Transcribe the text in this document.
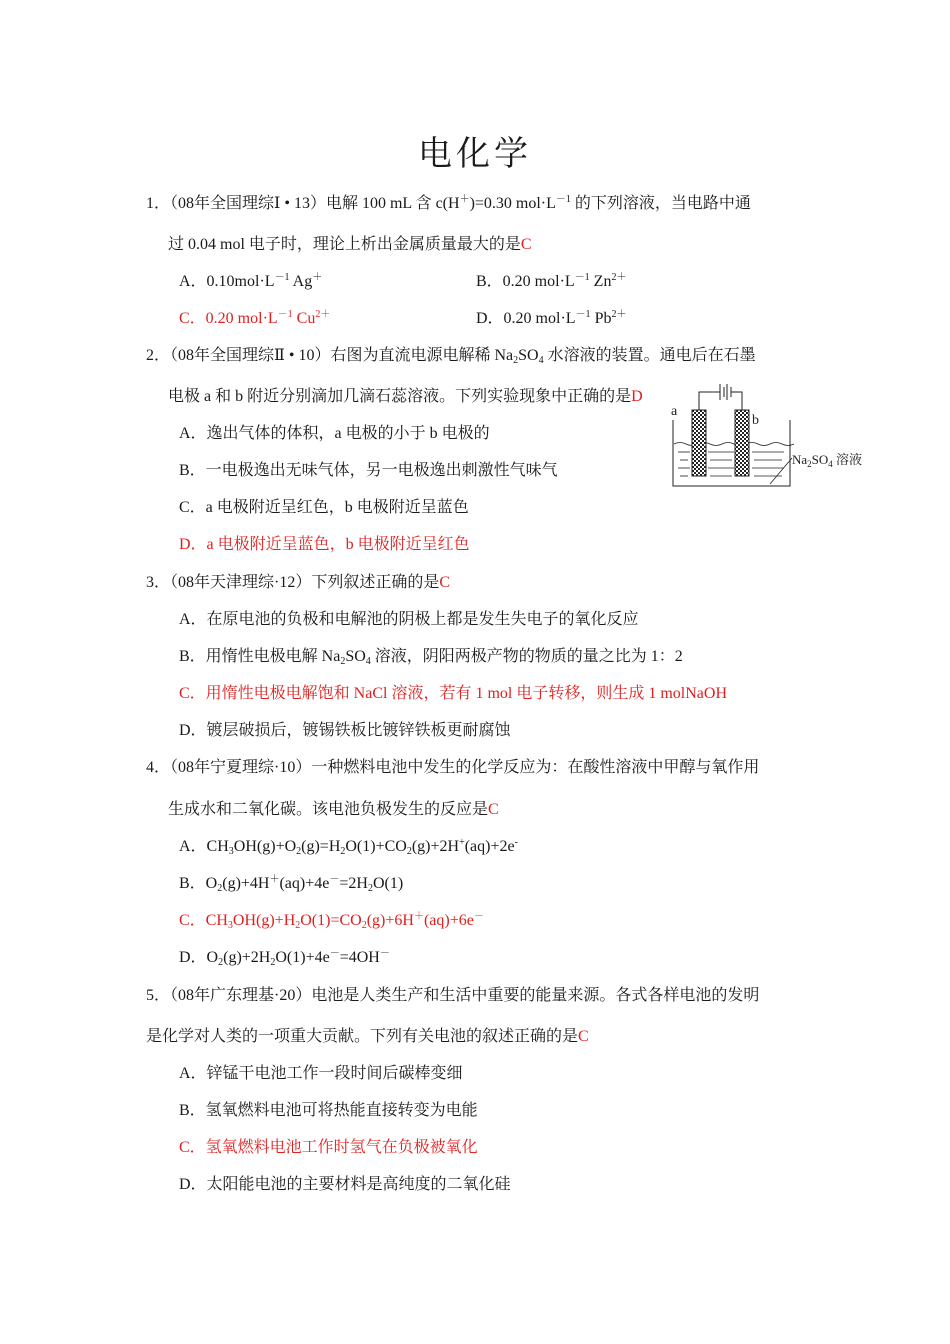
电化学
1．（08年全国理综Ⅰ • 13）电解 100 mL 含 c(H＋)=0.30 $mol\cdot L^{-1}$ 的下列溶液，当电路中通
过 0.04 mol 电子时，理论上析出金属质量最大的是C
A．$0.10mol\cdot L^{-1}$ Ag＋	B．0.20 $mol\cdot L^{-1}$ $Zn^{2+}$
C．0.20 $mol\cdot L^{-1}$ $Cu^{2+}$	D．0.20 $mol\cdot L^{-1}$ $Pb^{2+}$
2．（08年全国理综Ⅱ • 10）右图为直流电源电解稀 $Na_2SO_4$ 水溶液的装置。通电后在石墨
电极 a 和 b 附近分别滴加几滴石蕊溶液。下列实验现象中正确的是D
A．逸出气体的体积，a 电极的小于 b 电极的
B．一电极逸出无味气体，另一电极逸出刺激性气味气
C．a 电极附近呈红色，b 电极附近呈蓝色
D．a 电极附近呈蓝色，b 电极附近呈红色
a
b
$Na_2SO_4$ 溶液
3．（08年天津理综·12）下列叙述正确的是C
A．在原电池的负极和电解池的阴极上都是发生失电子的氧化反应
B．用惰性电极电解 $Na_2SO_4$ 溶液，阴阳两极产物的物质的量之比为 1：2
C．用惰性电极电解饱和 NaCl 溶液，若有 1 mol 电子转移，则生成 1 molNaOH
D．镀层破损后，镀锡铁板比镀锌铁板更耐腐蚀
4．（08年宁夏理综·10）一种燃料电池中发生的化学反应为：在酸性溶液中甲醇与氧作用
生成水和二氧化碳。该电池负极发生的反应是C
A．$CH_3OH(g)+O_2(g)=H_2O(1)+CO_2(g)+2H^+(aq)+2e^-$
B．$O_2(g)+4H^+(aq)+4e^-=2H_2O(1)$
C．$CH_3OH(g)+H_2O(1)=CO_2(g)+6H^+(aq)+6e^-$
D．$O_2(g)+2H_2O(1)+4e^-=4OH^-$
5．（08年广东理基·20）电池是人类生产和生活中重要的能量来源。各式各样电池的发明
是化学对人类的一项重大贡献。下列有关电池的叙述正确的是C
A．锌锰干电池工作一段时间后碳棒变细
B．氢氧燃料电池可将热能直接转变为电能
C．氢氧燃料电池工作时氢气在负极被氧化
D．太阳能电池的主要材料是高纯度的二氧化硅
